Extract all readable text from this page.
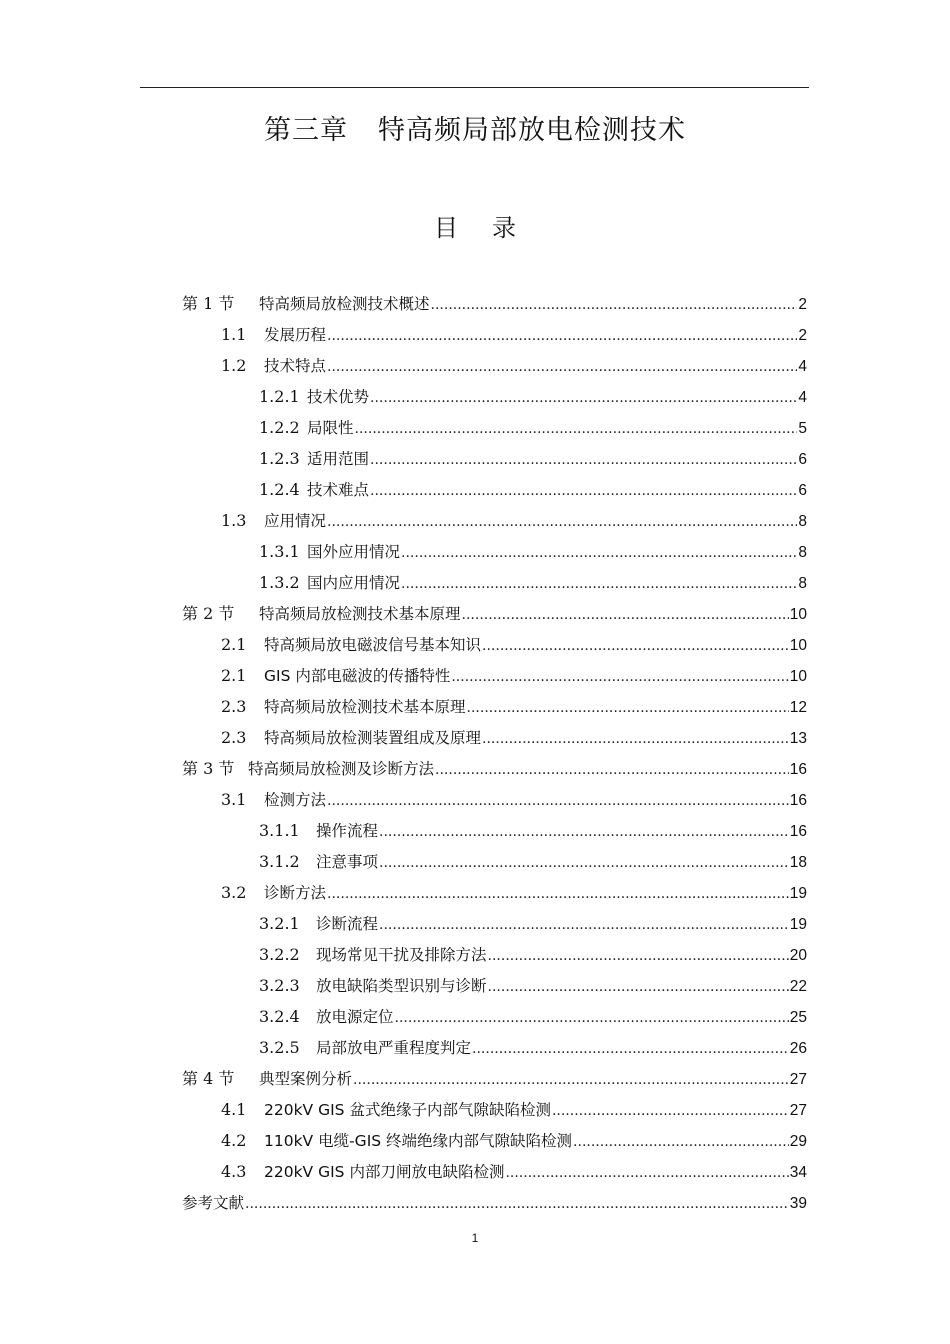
第三章 特高频局部放电检测技术
目 录
第 1 节	特高频局放检测技术概述 .....	2
1.1	发展历程 .....	2
1.2	技术特点 .....	4
1.2.1 技术优势 .....	4
1.2.2 局限性 .....	5
1.2.3 适用范围 .....	6
1.2.4 技术难点 .....	6
1.3	应用情况 .....	8
1.3.1 国外应用情况 .....	8
1.3.2 国内应用情况 .....	8
第 2 节	特高频局放检测技术基本原理 .....	10
2.1	特高频局放电磁波信号基本知识 .....	10
2.1	GIS 内部电磁波的传播特性 .....	10
2.3	特高频局放检测技术基本原理 .....	12
2.3	特高频局放检测装置组成及原理 .....	13
第 3 节 特高频局放检测及诊断方法 .....	16
3.1	检测方法 .....	16
3.1.1	操作流程 .....	16
3.1.2	注意事项 .....	18
3.2	诊断方法 .....	19
3.2.1	诊断流程 .....	19
3.2.2	现场常见干扰及排除方法 .....	20
3.2.3	放电缺陷类型识别与诊断 .....	22
3.2.4	放电源定位 .....	25
3.2.5	局部放电严重程度判定 .....	26
第 4 节	典型案例分析 .....	27
4.1	220kV GIS 盆式绝缘子内部气隙缺陷检测 .....	27
4.2	110kV 电缆-GIS 终端绝缘内部气隙缺陷检测 .....	29
4.3	220kV GIS 内部刀闸放电缺陷检测 .....	34
参考文献 .....	39
1
